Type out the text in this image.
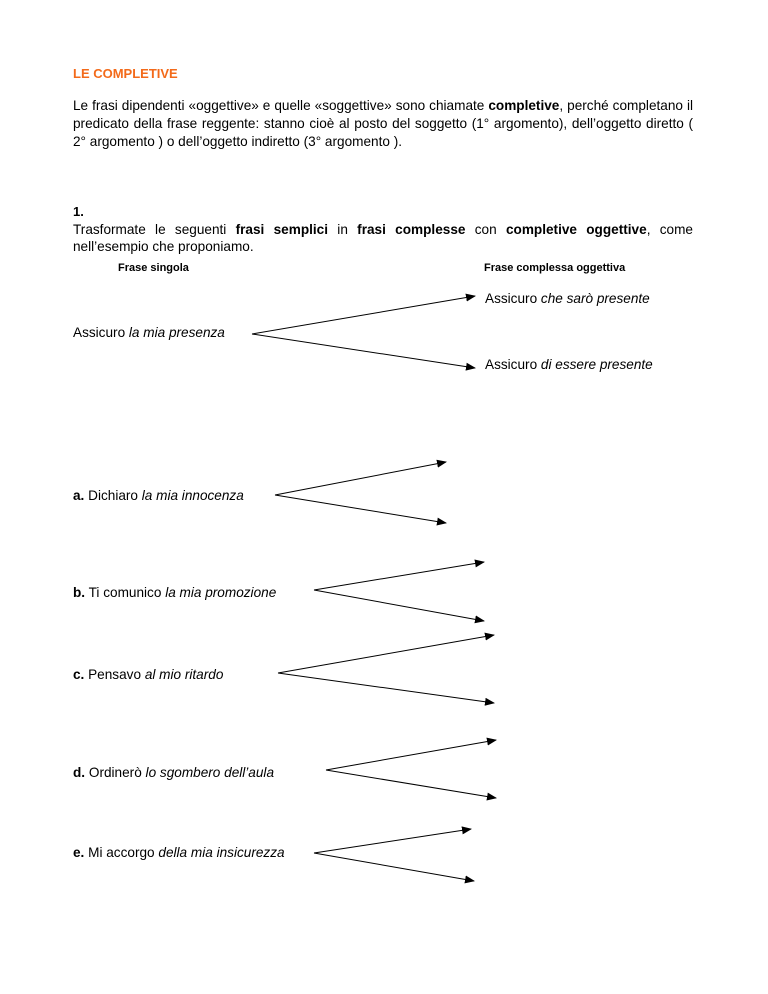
LE COMPLETIVE
Le frasi dipendenti «oggettive» e quelle «soggettive» sono chiamate completive, perché completano il predicato della frase reggente: stanno cioè al posto del soggetto (1° argomento), dell’oggetto diretto ( 2° argomento ) o dell’oggetto indiretto (3° argomento ).
1.
Trasformate le seguenti frasi semplici in frasi complesse con completive oggettive, come nell’esempio che proponiamo.
Frase singola	Frase complessa oggettiva
Assicuro che sarò presente
Assicuro la mia presenza
Assicuro di essere presente
a. Dichiaro la mia innocenza
b. Ti comunico la mia promozione
c. Pensavo al mio ritardo
d. Ordinerò lo sgombero dell’aula
e. Mi accorgo della mia insicurezza
